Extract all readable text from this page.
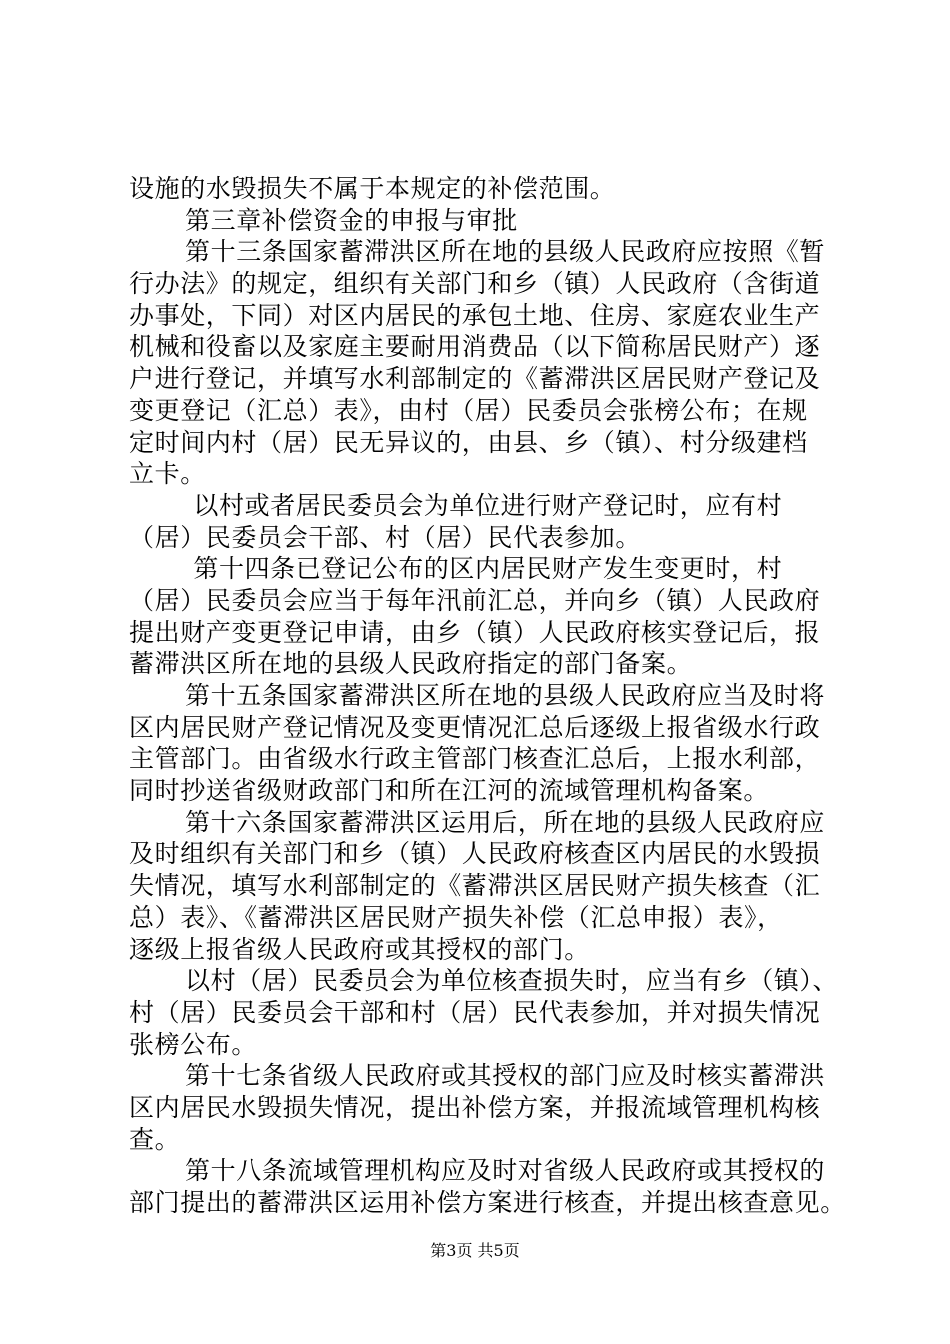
设施的水毁损失不属于本规定的补偿范围。
第三章补偿资金的申报与审批
第十三条国家蓄滞洪区所在地的县级人民政府应按照《暂
行办法》的规定，组织有关部门和乡（镇）人民政府（含街道
办事处，下同）对区内居民的承包土地、住房、家庭农业生产
机械和役畜以及家庭主要耐用消费品（以下简称居民财产）逐
户进行登记，并填写水利部制定的《蓄滞洪区居民财产登记及
变更登记（汇总）表》，由村（居）民委员会张榜公布；在规
定时间内村（居）民无异议的，由县、乡（镇）、村分级建档
立卡。
以村或者居民委员会为单位进行财产登记时，应有村
（居）民委员会干部、村（居）民代表参加。
第十四条已登记公布的区内居民财产发生变更时，村
（居）民委员会应当于每年汛前汇总，并向乡（镇）人民政府
提出财产变更登记申请，由乡（镇）人民政府核实登记后，报
蓄滞洪区所在地的县级人民政府指定的部门备案。
第十五条国家蓄滞洪区所在地的县级人民政府应当及时将
区内居民财产登记情况及变更情况汇总后逐级上报省级水行政
主管部门。由省级水行政主管部门核查汇总后，上报水利部，
同时抄送省级财政部门和所在江河的流域管理机构备案。
第十六条国家蓄滞洪区运用后，所在地的县级人民政府应
及时组织有关部门和乡（镇）人民政府核查区内居民的水毁损
失情况，填写水利部制定的《蓄滞洪区居民财产损失核查（汇
总）表》、《蓄滞洪区居民财产损失补偿（汇总申报）表》，
逐级上报省级人民政府或其授权的部门。
以村（居）民委员会为单位核查损失时，应当有乡（镇）、
村（居）民委员会干部和村（居）民代表参加，并对损失情况
张榜公布。
第十七条省级人民政府或其授权的部门应及时核实蓄滞洪
区内居民水毁损失情况，提出补偿方案，并报流域管理机构核
查。
第十八条流域管理机构应及时对省级人民政府或其授权的
部门提出的蓄滞洪区运用补偿方案进行核查，并提出核查意见。
第3页 共5页
